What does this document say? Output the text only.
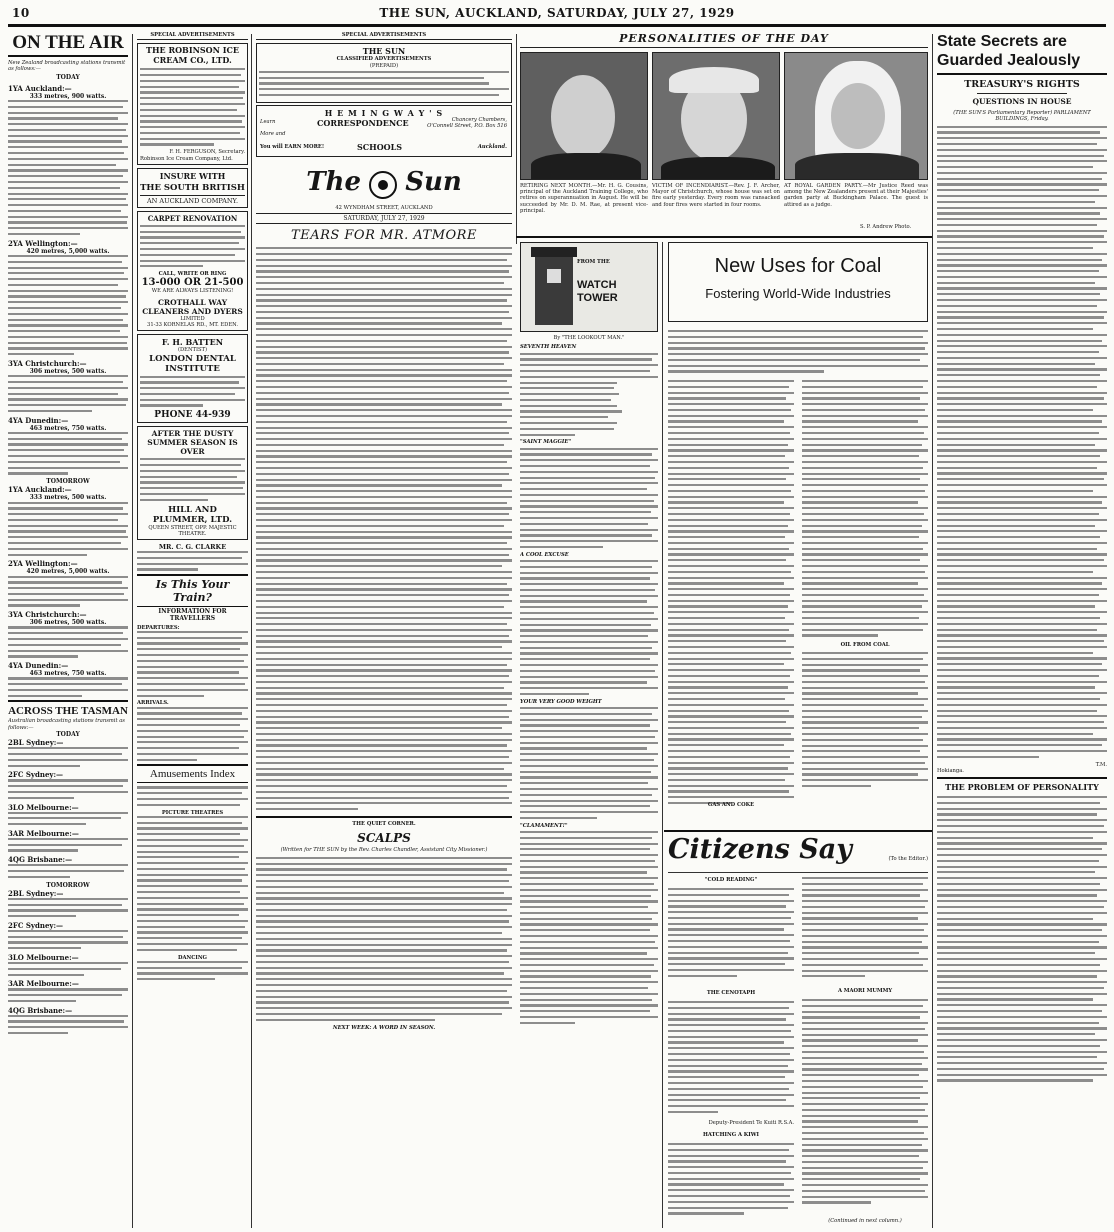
10	THE SUN, AUCKLAND, SATURDAY, JULY 27, 1929
ON THE AIR
New Zealand broadcasting stations transmit as follows:—
TODAY
1YA Auckland:—
333 metres, 900 watts.
2YA Wellington:—
420 metres, 5,000 watts.
3YA Christchurch:—
306 metres, 500 watts.
4YA Dunedin:—
463 metres, 750 watts.
TOMORROW
1YA Auckland:—
333 metres, 500 watts.
2YA Wellington:—
420 metres, 5,000 watts.
3YA Christchurch:—
306 metres, 500 watts.
4YA Dunedin:—
463 metres, 750 watts.
ACROSS THE TASMAN
Australian broadcasting stations transmit as follows:—
TODAY
2BL Sydney:—
2FC Sydney:—
3LO Melbourne:—
3AR Melbourne:—
4QG Brisbane:—
TOMORROW
2BL Sydney:—
2FC Sydney:—
3LO Melbourne:—
3AR Melbourne:—
4QG Brisbane:—
SPECIAL ADVERTISEMENTS
THE ROBINSON ICE CREAM CO., LTD.
F. H. FERGUSON, Secretary.
Robinson Ice Cream Company, Ltd.
INSURE WITH
THE SOUTH BRITISH
AN AUCKLAND COMPANY.
CARPET RENOVATION
CALL, WRITE OR RING
13-000 OR 21-500
WE ARE ALWAYS LISTENING!
CROTHALL WAY CLEANERS AND DYERS
LIMITED
31-33 KORNELAS RD., MT. EDEN.
F. H. BATTEN
(DENTIST)
LONDON DENTAL INSTITUTE
PHONE 44-939
AFTER THE DUSTY SUMMER SEASON IS OVER
HILL AND PLUMMER, LTD.
QUEEN STREET, OPP. MAJESTIC THEATRE.
MR. C. G. CLARKE
Is This Your Train?
INFORMATION FOR TRAVELLERS
DEPARTURES:
ARRIVALS.
Amusements Index
PICTURE THEATRES
DANCING
SPECIAL ADVERTISEMENTS
THE SUN
CLASSIFIED ADVERTISEMENTS
(PREPAID)
H E M I N G W A Y ' S
Learn	CORRESPONDENCE
More and
Chancery Chambers, O'Connell Street, P.O. Box 516
You will EARN MORE!	SCHOOLS	Auckland.
The Sun
42 WYNDHAM STREET, AUCKLAND
SATURDAY, JULY 27, 1929
TEARS FOR MR. ATMORE
THE QUIET CORNER.
SCALPS
(Written for THE SUN by the Rev. Charles Chandler, Assistant City Missioner.)
NEXT WEEK: A WORD IN SEASON.
PERSONALITIES OF THE DAY
RETIRING NEXT MONTH.—Mr. H. G. Cousins, principal of the Auckland Training College, who retires on superannuation in August. He will be succeeded by Mr. D. M. Rae, at present vice-principal.
VICTIM OF INCENDIARIST.—Rev. J. F. Archer, Mayor of Christchurch, whose house was set on fire early yesterday. Every room was ransacked and four fires were started in four rooms.
AT ROYAL GARDEN PARTY.—Mr Justice Reed was among the New Zealanders present at their Majesties' garden party at Buckingham Palace. The guest is attired as a judge.
S. P. Andrew Photo.
FROM THE
WATCH TOWER
By "THE LOOKOUT MAN."
SEVENTH HEAVEN
"SAINT MAGGIE"
A COOL EXCUSE
YOUR VERY GOOD WEIGHT
"CLAMAMENT!"
New Uses for Coal
Fostering World-Wide Industries
GAS AND COKE
OIL FROM COAL
Citizens Say	(To the Editor.)
"COLD READING"
THE CENOTAPH
Deputy-President Te Kuiti R.S.A.
HATCHING A KIWI
A MAORI MUMMY
(Continued in next column.)
State Secrets are
Guarded Jealously
TREASURY'S RIGHTS
QUESTIONS IN HOUSE
(THE SUN'S Parliamentary Reporter) PARLIAMENT BUILDINGS, Friday.
T.M.
Hokianga.
THE PROBLEM OF PERSONALITY
